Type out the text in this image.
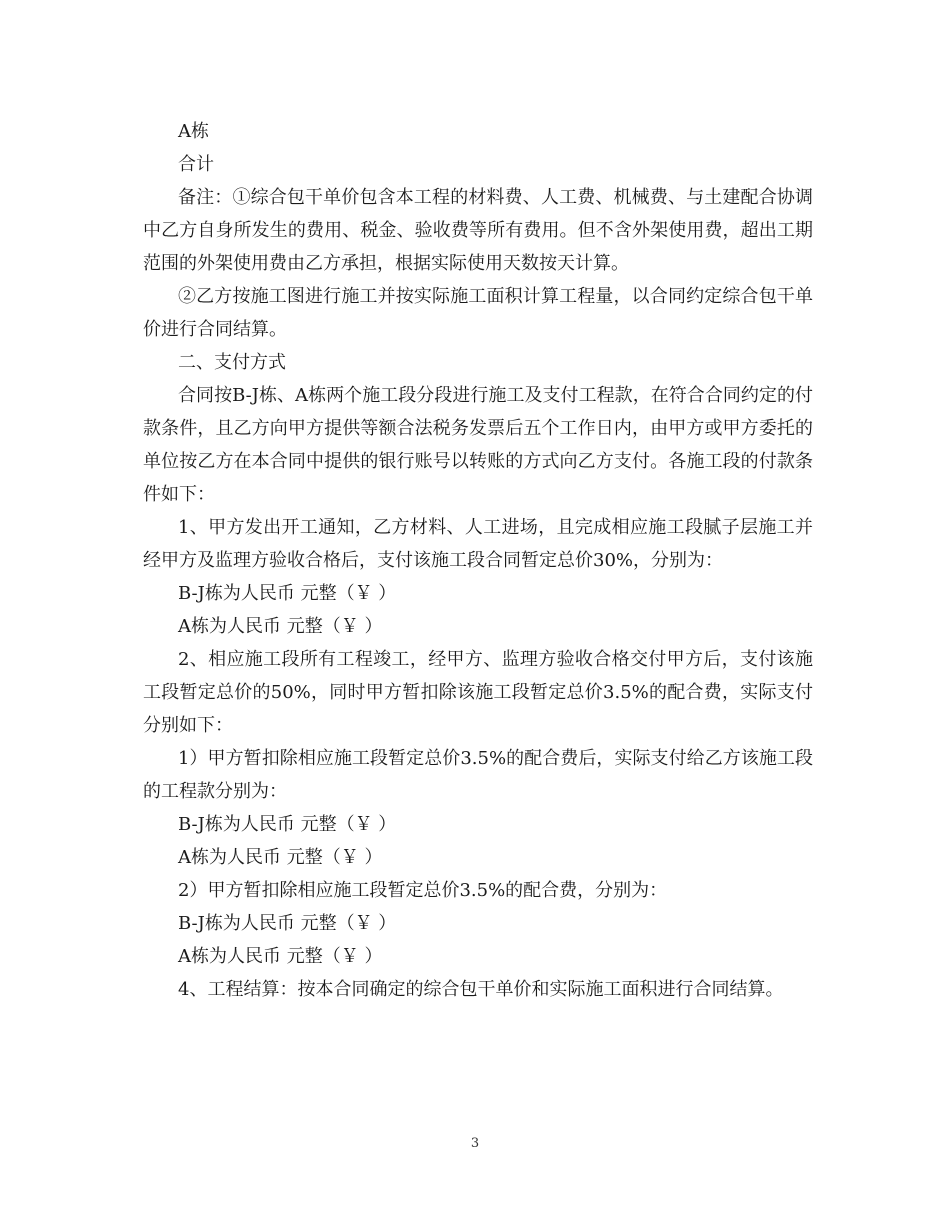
A栋

合计

备注：①综合包干单价包含本工程的材料费、人工费、机械费、与土建配合协调中乙方自身所发生的费用、税金、验收费等所有费用。但不含外架使用费，超出工期范围的外架使用费由乙方承担，根据实际使用天数按天计算。

②乙方按施工图进行施工并按实际施工面积计算工程量，以合同约定综合包干单价进行合同结算。

二、支付方式

合同按B-J栋、A栋两个施工段分段进行施工及支付工程款，在符合合同约定的付款条件，且乙方向甲方提供等额合法税务发票后五个工作日内，由甲方或甲方委托的单位按乙方在本合同中提供的银行账号以转账的方式向乙方支付。各施工段的付款条件如下：

1、甲方发出开工通知，乙方材料、人工进场，且完成相应施工段腻子层施工并经甲方及监理方验收合格后，支付该施工段合同暂定总价30%，分别为：

B-J栋为人民币 元整（￥ ）

A栋为人民币 元整（￥ ）

2、相应施工段所有工程竣工，经甲方、监理方验收合格交付甲方后，支付该施工段暂定总价的50%，同时甲方暂扣除该施工段暂定总价3.5%的配合费，实际支付分别如下：

1）甲方暂扣除相应施工段暂定总价3.5%的配合费后，实际支付给乙方该施工段的工程款分别为：

B-J栋为人民币 元整（￥ ）

A栋为人民币 元整（￥ ）

2）甲方暂扣除相应施工段暂定总价3.5%的配合费，分别为：

B-J栋为人民币 元整（￥ ）

A栋为人民币 元整（￥ ）

4、工程结算：按本合同确定的综合包干单价和实际施工面积进行合同结算。

3
